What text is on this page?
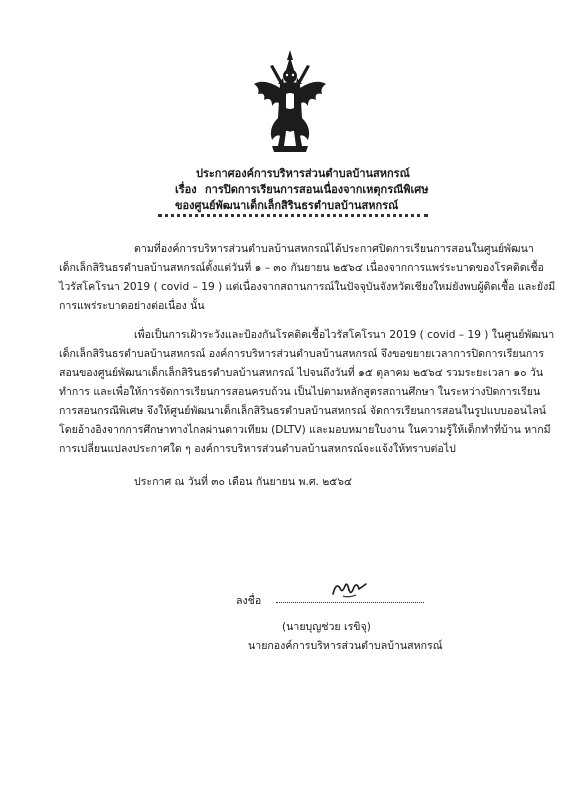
ประกาศองค์การบริหารส่วนตำบลบ้านสหกรณ์
เรื่อง การปิดการเรียนการสอนเนื่องจากเหตุกรณีพิเศษ
ของศูนย์พัฒนาเด็กเล็กสิรินธรตำบลบ้านสหกรณ์
ตามที่องค์การบริหารส่วนตำบลบ้านสหกรณ์ได้ประกาศปิดการเรียนการสอนในศูนย์พัฒนา
เด็กเล็กสิรินธรตำบลบ้านสหกรณ์ตั้งแต่วันที่ ๑ – ๓๐ กันยายน ๒๕๖๔ เนื่องจากการแพร่ระบาดของโรคติดเชื้อ
ไวรัสโคโรนา 2019 ( covid – 19 ) แต่เนื่องจากสถานการณ์ในปัจจุบันจังหวัดเชียงใหม่ยังพบผู้ติดเชื้อ และยังมี
การแพร่ระบาดอย่างต่อเนื่อง นั้น
เพื่อเป็นการเฝ้าระวังและป้องกันโรคติดเชื้อไวรัสโคโรนา 2019 ( covid – 19 ) ในศูนย์พัฒนา
เด็กเล็กสิรินธรตำบลบ้านสหกรณ์ องค์การบริหารส่วนตำบลบ้านสหกรณ์ จึงขอขยายเวลาการปิดการเรียนการ
สอนของศูนย์พัฒนาเด็กเล็กสิรินธรตำบลบ้านสหกรณ์ ไปจนถึงวันที่ ๑๕ ตุลาคม ๒๕๖๔ รวมระยะเวลา ๑๐ วัน
ทำการ และเพื่อให้การจัดการเรียนการสอนครบถ้วน เป็นไปตามหลักสูตรสถานศึกษา ในระหว่างปิดการเรียน
การสอนกรณีพิเศษ จึงให้ศูนย์พัฒนาเด็กเล็กสิรินธรตำบลบ้านสหกรณ์ จัดการเรียนการสอนในรูปแบบออนไลน์
โดยอ้างอิงจากการศึกษาทางไกลผ่านดาวเทียม (DLTV) และมอบหมายใบงาน ในความรู้ให้เด็กทำที่บ้าน หากมี
การเปลี่ยนแปลงประกาศใด ๆ องค์การบริหารส่วนตำบลบ้านสหกรณ์จะแจ้งให้ทราบต่อไป
ประกาศ ณ วันที่ ๓๐ เดือน กันยายน พ.ศ. ๒๕๖๔
ลงชื่อ
(นายบุญช่วย เรขิจุ)
นายกองค์การบริหารส่วนตำบลบ้านสหกรณ์
